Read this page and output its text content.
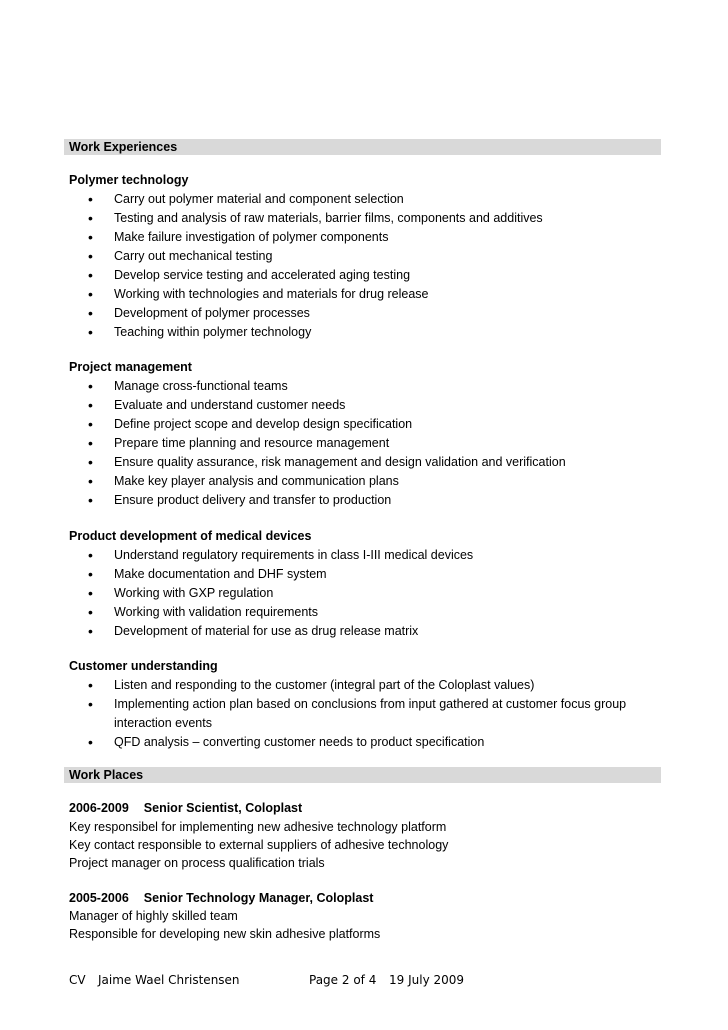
Work Experiences
Polymer technology
• Carry out polymer material and component selection
• Testing and analysis of raw materials, barrier films, components and additives
• Make failure investigation of polymer components
• Carry out mechanical testing
• Develop service testing and accelerated aging testing
• Working with technologies and materials for drug release
• Development of polymer processes
• Teaching within polymer technology
Project management
• Manage cross-functional teams
• Evaluate and understand customer needs
• Define project scope and develop design specification
• Prepare time planning and resource management
• Ensure quality assurance, risk management and design validation and verification
• Make key player analysis and communication plans
• Ensure product delivery and transfer to production
Product development of medical devices
• Understand regulatory requirements in class I-III medical devices
• Make documentation and DHF system
• Working with GXP regulation
• Working with validation requirements
• Development of material for use as drug release matrix
Customer understanding
• Listen and responding to the customer (integral part of the Coloplast values)
• Implementing action plan based on conclusions from input gathered at customer focus group interaction events
• QFD analysis – converting customer needs to product specification
Work Places
2006-2009 Senior Scientist, Coloplast
Key responsibel for implementing new adhesive technology platform
Key contact responsible to external suppliers of adhesive technology
Project manager on process qualification trials
2005-2006 Senior Technology Manager, Coloplast
Manager of highly skilled team
Responsible for developing new skin adhesive platforms
CV Jaime Wael Christensen	Page 2 of 4 19 July 2009
